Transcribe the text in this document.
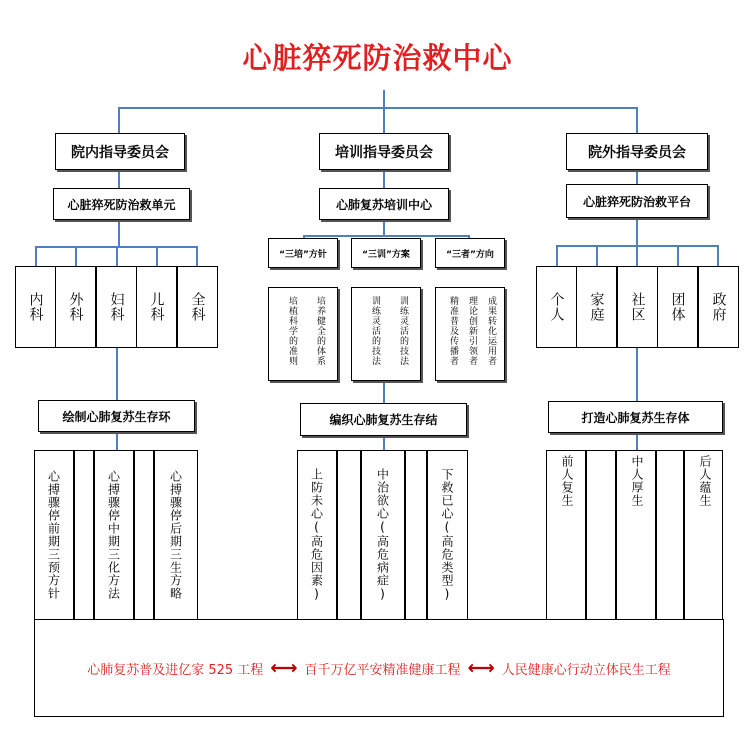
心脏猝死防治救中心
院内指导委员会	培训指导委员会	院外指导委员会
心脏猝死防治救单元	心肺复苏培训中心	心脏猝死防治救平台
内科	外科	妇科	儿科	全科
绘制心肺复苏生存环
心搏骤停前期三预方针	心搏骤停中期三化方法	心搏骤停后期三生方略
“三培”方针	“三训”方案	“三者”方向
培养健全的体系
培植科学的准则	训练灵活的技法
训练灵活的技法	成果转化运用者
理论创新引领者
精准普及传播者
编织心肺复苏生存结
上防未心(高危因素)	中治欲心(高危病症)	下救已心(高危类型)
个人	家庭	社区	团体	政府
打造心肺复苏生存体
前人复生	中人厚生	后人蕴生
心肺复苏普及进亿家 525 工程 ⟷ 百千万亿平安精准健康工程 ⟷ 人民健康心行动立体民生工程
